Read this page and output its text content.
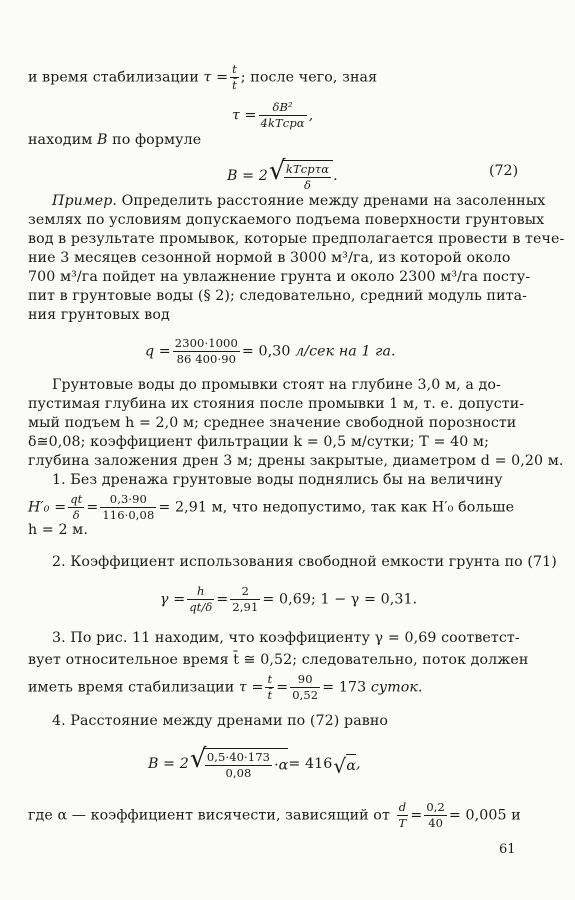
и время стабилизации $\tau = \frac{t}{t̄}$ ; после чего, зная
$\tau = \frac{\text{δB²}}{\text{4kTсрα}}$ ,
находим B по формуле
B = 2 √
$\frac{\text{kTсрτα}}{\delta}$ .	(72)
Пример. Определить расстояние между дренами на засоленных
землях по условиям допускаемого подъема поверхности грунтовых
вод в результате промывок, которые предполагается провести в тече-
ние 3 месяцев сезонной нормой в 3000 м³/га, из которой около
700 м³/га пойдет на увлажнение грунта и около 2300 м³/га посту-
пит в грунтовые воды (§ 2); следовательно, средний модуль пита-
ния грунтовых вод
$q = \frac{2300\cdot 1000}{86 400\cdot 90} = 0,30$ л/сек на 1 га.
Грунтовые воды до промывки стоят на глубине 3,0 м, а до-
пустимая глубина их стояния после промывки 1 м, т. е. допусти-
мый подъем h = 2,0 м; среднее значение свободной порозности
δ≅0,08; коэффициент фильтрации k = 0,5 м/сутки; T = 40 м;
глубина заложения дрен 3 м; дрены закрытые, диаметром d = 0,20 м.
1. Без дренажа грунтовые воды поднялись бы на величину
$H'_0 = \frac{qt}{\delta} = \frac{0,3\cdot 90}{116\cdot 0,08} = 2,91$ м, что недопустимо, так как H′₀ больше
h = 2 м.
2. Коэффициент использования свободной емкости грунта по (71)
$\gamma = \frac{h}{qt/\delta} = \frac{2}{2,91} = 0,69$; 1 − γ = 0,31.
3. По рис. 11 находим, что коэффициенту γ = 0,69 соответст-
вует относительное время t̄ ≅ 0,52; следовательно, поток должен
иметь время стабилизации $\tau = \frac{t}{t̄} = \frac{90}{0,52} = 173$ суток.
4. Расстояние между дренами по (72) равно
B = 2 √
$\frac{0,5\cdot 40\cdot 173}{0,08} \cdot\alpha= 416$ √ α,
где α — коэффициент висячести, зависящий от $\frac{d}{T} = \frac{0,2}{40} = 0,005$ и
61
